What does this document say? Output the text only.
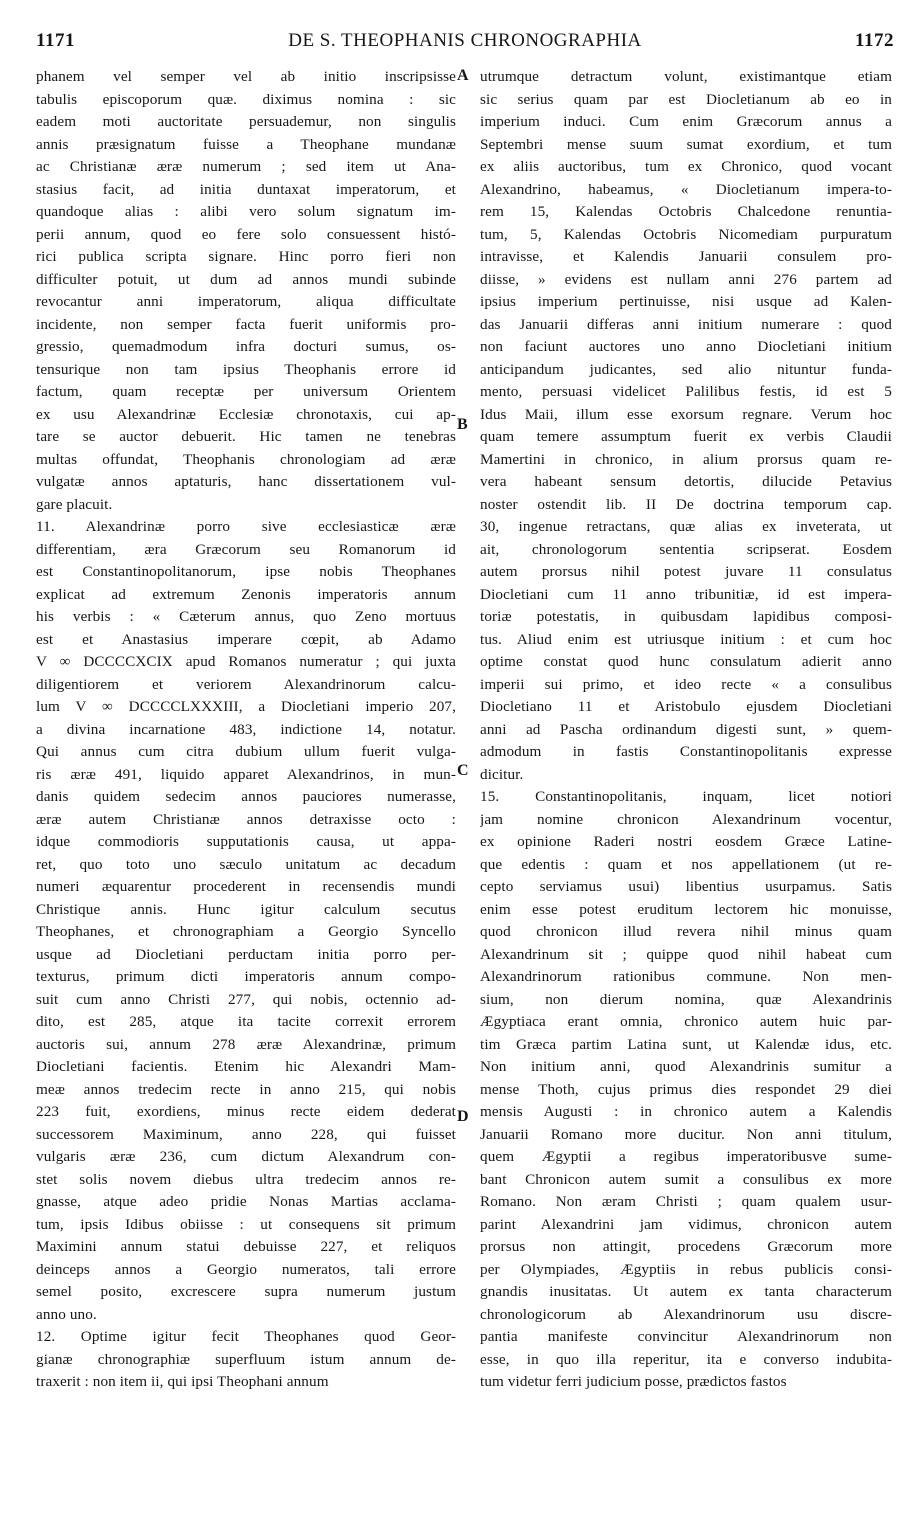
1171	DE S. THEOPHANIS CHRONOGRAPHIA	1172
phanem vel semper vel ab initio inscripsisse
tabulis episcoporum quæ. diximus nomina : sic
eadem moti auctoritate persuademur, non singulis
annis præsignatum fuisse a Theophane mundanæ
ac Christianæ æræ numerum ; sed item ut Ana-
stasius facit, ad initia duntaxat imperatorum, et
quandoque alias : alibi vero solum signatum im-
perii annum, quod eo fere solo consuessent histó-
rici publica scripta signare. Hinc porro fieri non
difficulter potuit, ut dum ad annos mundi subinde
revocantur anni imperatorum, aliqua difficultate
incidente, non semper facta fuerit uniformis pro-
gressio, quemadmodum infra docturi sumus, os-
tensurique non tam ipsius Theophanis errore id
factum, quam receptæ per universum Orientem
ex usu Alexandrinæ Ecclesiæ chronotaxis, cui ap-
tare se auctor debuerit. Hic tamen ne tenebras
multas offundat, Theophanis chronologiam ad æræ
vulgatæ annos aptaturis, hanc dissertationem vul-
gare placuit.
11. Alexandrinæ porro sive ecclesiasticæ æræ
differentiam, æra Græcorum seu Romanorum id
est Constantinopolitanorum, ipse nobis Theophanes
explicat ad extremum Zenonis imperatoris annum
his verbis : « Cæterum annus, quo Zeno mortuus
est et Anastasius imperare cœpit, ab Adamo
V ∞ DCCCCXCIX apud Romanos numeratur ; qui juxta
diligentiorem et veriorem Alexandrinorum calcu-
lum V ∞ DCCCCLXXXIII, a Diocletiani imperio 207,
a divina incarnatione 483, indictione 14, notatur.
Qui annus cum citra dubium ullum fuerit vulga-
ris æræ 491, liquido apparet Alexandrinos, in mun-
danis quidem sedecim annos pauciores numerasse,
æræ autem Christianæ annos detraxisse octo :
idque commodioris supputationis causa, ut appa-
ret, quo toto uno sæculo unitatum ac decadum
numeri æquarentur procederent in recensendis mundi
Christique annis. Hunc igitur calculum secutus
Theophanes, et chronographiam a Georgio Syncello
usque ad Diocletiani perductam initia porro per-
texturus, primum dicti imperatoris annum compo-
suit cum anno Christi 277, qui nobis, octennio ad-
dito, est 285, atque ita tacite correxit errorem
auctoris sui, annum 278 æræ Alexandrinæ, primum
Diocletiani facientis. Etenim hic Alexandri Mam-
meæ annos tredecim recte in anno 215, qui nobis
223 fuit, exordiens, minus recte eidem dederat
successorem Maximinum, anno 228, qui fuisset
vulgaris æræ 236, cum dictum Alexandrum con-
stet solis novem diebus ultra tredecim annos re-
gnasse, atque adeo pridie Nonas Martias acclama-
tum, ipsis Idibus obiisse : ut consequens sit primum
Maximini annum statui debuisse 227, et reliquos
deinceps annos a Georgio numeratos, tali errore
semel posito, excrescere supra numerum justum
anno uno.
12. Optime igitur fecit Theophanes quod Geor-
gianæ chronographiæ superfluum istum annum de-
traxerit : non item ii, qui ipsi Theophani annum
utrumque detractum volunt, existimantque etiam
sic serius quam par est Diocletianum ab eo in
imperium induci. Cum enim Græcorum annus a
Septembri mense suum sumat exordium, et tum
ex aliis auctoribus, tum ex Chronico, quod vocant
Alexandrino, habeamus, « Diocletianum impera-to-
rem 15, Kalendas Octobris Chalcedone renuntia-
tum, 5, Kalendas Octobris Nicomediam purpuratum
intravisse, et Kalendis Januarii consulem pro-
diisse, » evidens est nullam anni 276 partem ad
ipsius imperium pertinuisse, nisi usque ad Kalen-
das Januarii differas anni initium numerare : quod
non faciunt auctores uno anno Diocletiani initium
anticipandum judicantes, sed alio nituntur funda-
mento, persuasi videlicet Palilibus festis, id est 5
Idus Maii, illum esse exorsum regnare. Verum hoc
quam temere assumptum fuerit ex verbis Claudii
Mamertini in chronico, in alium prorsus quam re-
vera habeant sensum detortis, dilucide Petavius
noster ostendit lib. II De doctrina temporum cap.
30, ingenue retractans, quæ alias ex inveterata, ut
ait, chronologorum sententia scripserat. Eosdem
autem prorsus nihil potest juvare 11 consulatus
Diocletiani cum 11 anno tribunitiæ, id est impera-
toriæ potestatis, in quibusdam lapidibus composi-
tus. Aliud enim est utriusque initium : et cum hoc
optime constat quod hunc consulatum adierit anno
imperii sui primo, et ideo recte « a consulibus
Diocletiano 11 et Aristobulo ejusdem Diocletiani
anni ad Pascha ordinandum digesti sunt, » quem-
admodum in fastis Constantinopolitanis expresse
dicitur.
15. Constantinopolitanis, inquam, licet notiori
jam nomine chronicon Alexandrinum vocentur,
ex opinione Raderi nostri eosdem Græce Latine-
que edentis : quam et nos appellationem (ut re-
cepto serviamus usui) libentius usurpamus. Satis
enim esse potest eruditum lectorem hic monuisse,
quod chronicon illud revera nihil minus quam
Alexandrinum sit ; quippe quod nihil habeat cum
Alexandrinorum rationibus commune. Non men-
sium, non dierum nomina, quæ Alexandrinis
Ægyptiaca erant omnia, chronico autem huic par-
tim Græca partim Latina sunt, ut Kalendæ idus, etc.
Non initium anni, quod Alexandrinis sumitur a
mense Thoth, cujus primus dies respondet 29 diei
mensis Augusti : in chronico autem a Kalendis
Januarii Romano more ducitur. Non anni titulum,
quem Ægyptii a regibus imperatoribusve sume-
bant Chronicon autem sumit a consulibus ex more
Romano. Non æram Christi ; quam qualem usur-
parint Alexandrini jam vidimus, chronicon autem
prorsus non attingit, procedens Græcorum more
per Olympiades, Ægyptiis in rebus publicis consi-
gnandis inusitatas. Ut autem ex tanta characterum
chronologicorum ab Alexandrinorum usu discre-
pantia manifeste convincitur Alexandrinorum non
esse, in quo illa reperitur, ita e converso indubita-
tum videtur ferri judicium posse, prædictos fastos
A
B
C
D
